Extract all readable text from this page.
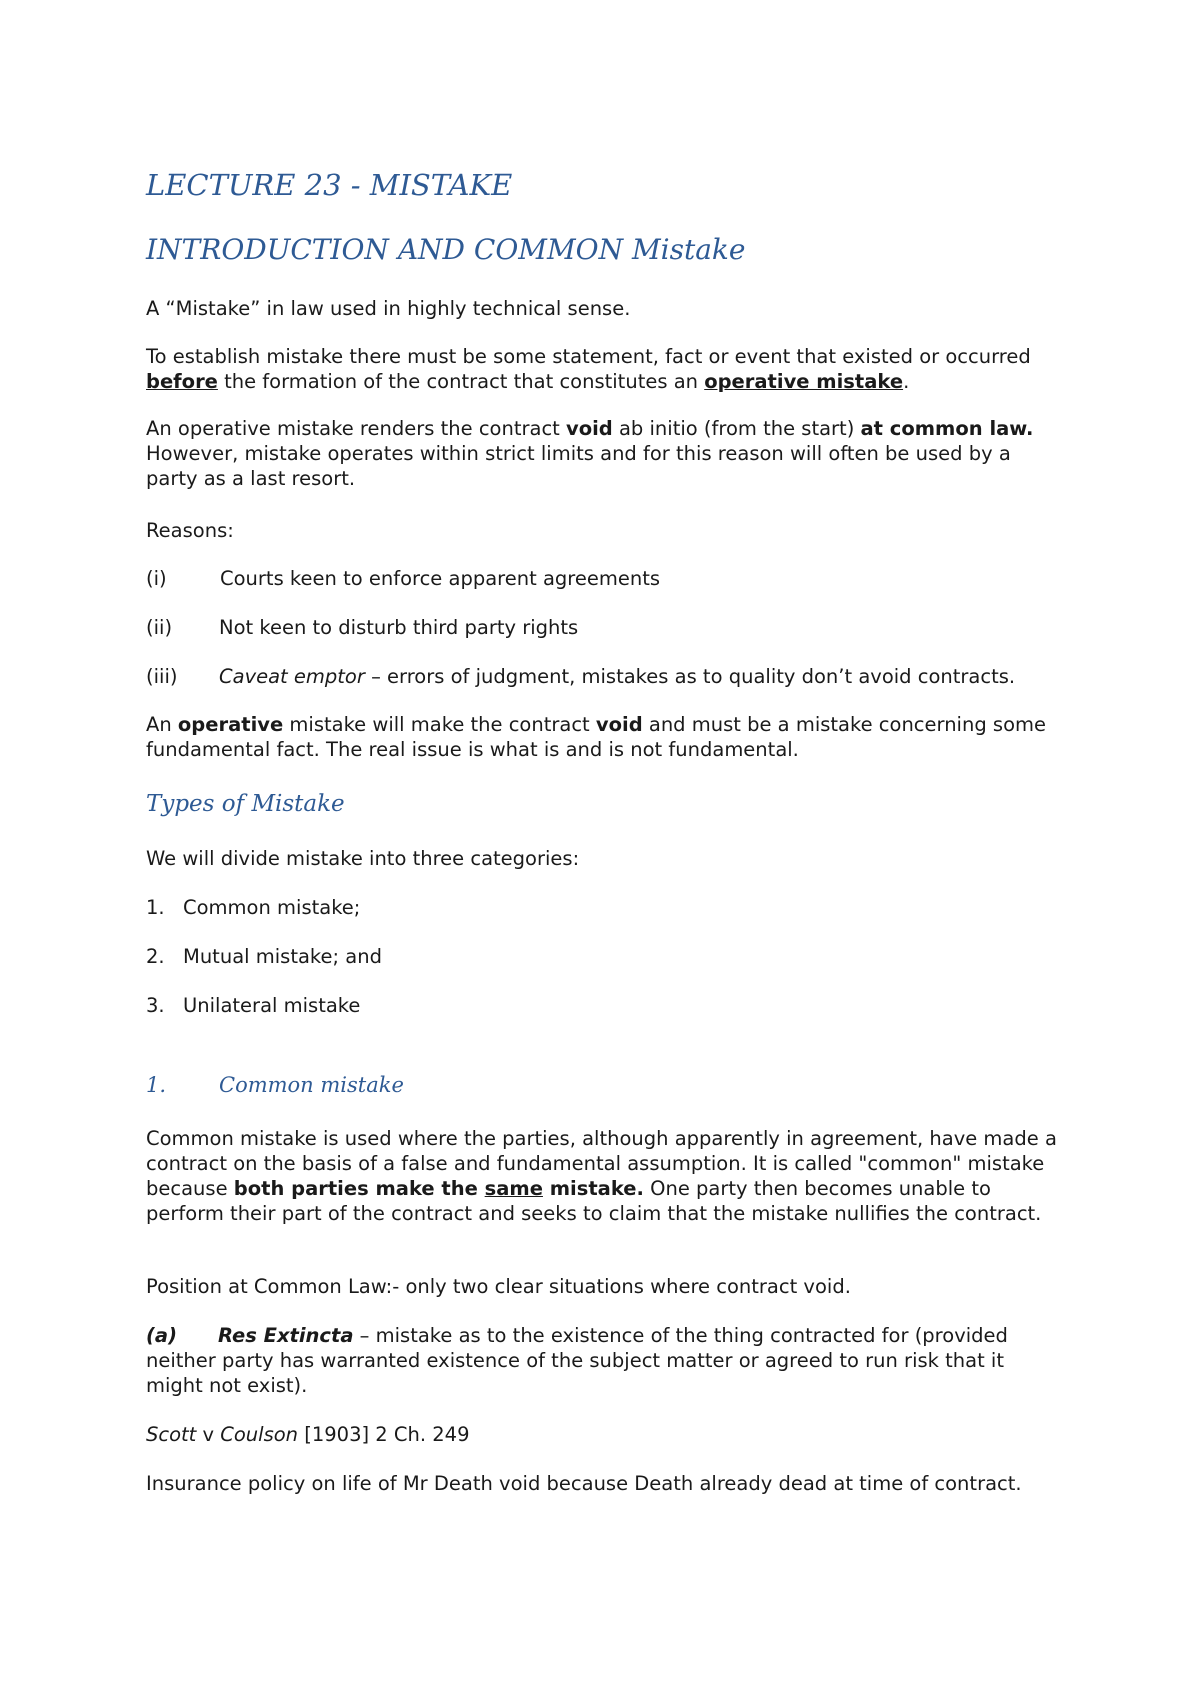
LECTURE 23 - MISTAKE
INTRODUCTION AND COMMON Mistake

A “Mistake” in law used in highly technical sense.

To establish mistake there must be some statement, fact or event that existed or occurred before the formation of the contract that constitutes an operative mistake.

An operative mistake renders the contract void ab initio (from the start) at common law. However, mistake operates within strict limits and for this reason will often be used by a party as a last resort.

Reasons:

(i)	Courts keen to enforce apparent agreements
(ii) Not keen to disturb third party rights
(iii) Caveat emptor – errors of judgment, mistakes as to quality don’t avoid contracts.

An operative mistake will make the contract void and must be a mistake concerning some fundamental fact. The real issue is what is and is not fundamental.

Types of Mistake

We will divide mistake into three categories:

1. Common mistake;
2. Mutual mistake; and
3. Unilateral mistake
1.	Common mistake

Common mistake is used where the parties, although apparently in agreement, have made a contract on the basis of a false and fundamental assumption. It is called "common" mistake because both parties make the same mistake. One party then becomes unable to perform their part of the contract and seeks to claim that the mistake nullifies the contract.

Position at Common Law:- only two clear situations where contract void.

(a) Res Extincta – mistake as to the existence of the thing contracted for (provided neither party has warranted existence of the subject matter or agreed to run risk that it might not exist).

Scott v Coulson [1903] 2 Ch. 249

Insurance policy on life of Mr Death void because Death already dead at time of contract.
